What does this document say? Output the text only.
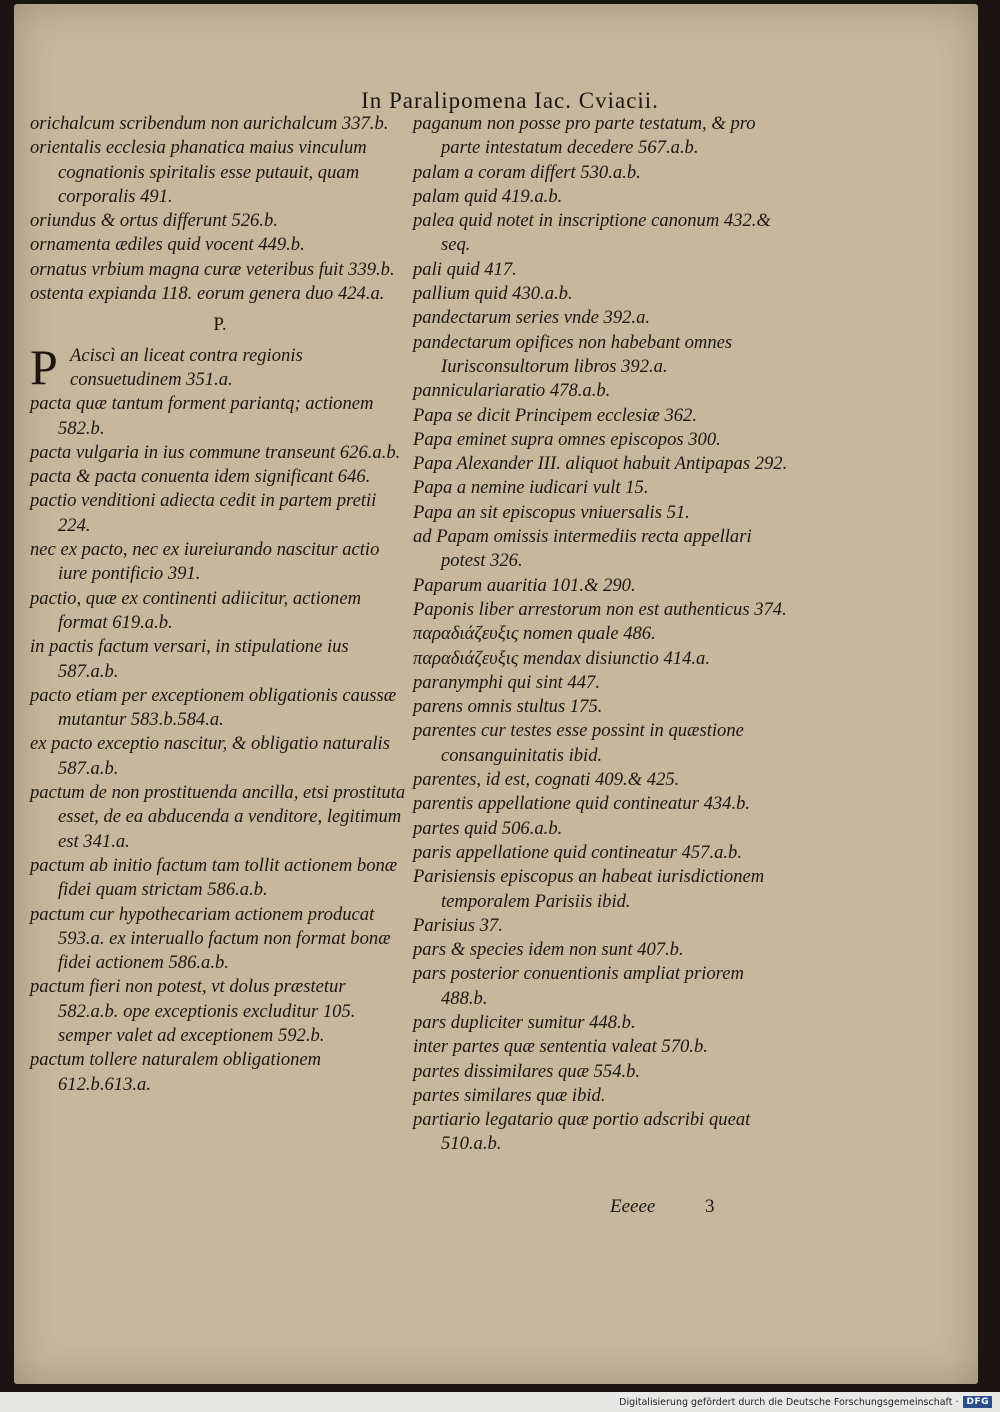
In Paralipomena Iac. Cviacii.

orichalcum scribendum non aurichalcum 337.b.

orientalis ecclesia phanatica maius vinculum cognationis spiritalis esse putauit, quam corporalis 491.

oriundus & ortus differunt 526.b.

ornamenta ædiles quid vocent 449.b.

ornatus vrbium magna curæ veteribus fuit 339.b.

ostenta expianda 118. eorum genera duo 424.a.

P.
P Aciscì an liceat contra regionis consuetudinem 351.a.

pacta quæ tantum forment pariantq; actionem 582.b.

pacta vulgaria in ius commune transeunt 626.a.b.

pacta & pacta conuenta idem significant 646.

pactio venditioni adiecta cedit in partem pretii 224.

nec ex pacto, nec ex iureiurando nascitur actio iure pontificio 391.

pactio, quæ ex continenti adiicitur, actionem format 619.a.b.

in pactis factum versari, in stipulatione ius 587.a.b.

pacto etiam per exceptionem obligationis caussæ mutantur 583.b.584.a.

ex pacto exceptio nascitur, & obligatio naturalis 587.a.b.

pactum de non prostituenda ancilla, etsi prostituta esset, de ea abducenda a venditore, legitimum est 341.a.

pactum ab initio factum tam tollit actionem bonæ fidei quam strictam 586.a.b.

pactum cur hypothecariam actionem producat 593.a. ex interuallo factum non format bonæ fidei actionem 586.a.b.

pactum fieri non potest, vt dolus præstetur 582.a.b. ope exceptionis excluditur 105. semper valet ad exceptionem 592.b.

pactum tollere naturalem obligationem 612.b.613.a.

paganum non posse pro parte testatum, & pro parte intestatum decedere 567.a.b.

palam a coram differt 530.a.b.

palam quid 419.a.b.

palea quid notet in inscriptione canonum 432.& seq.

pali quid 417.

pallium quid 430.a.b.

pandectarum series vnde 392.a.

pandectarum opifices non habebant omnes Iurisconsultorum libros 392.a.

panniculariaratio 478.a.b.

Papa se dicit Principem ecclesiæ 362.

Papa eminet supra omnes episcopos 300.

Papa Alexander III. aliquot habuit Antipapas 292.

Papa a nemine iudicari vult 15.

Papa an sit episcopus vniuersalis 51.

ad Papam omissis intermediis recta appellari potest 326.

Paparum auaritia 101.& 290.

Paponis liber arrestorum non est authenticus 374.

παραδιάζευξις nomen quale 486.

παραδιάζευξις mendax disiunctio 414.a.

paranymphi qui sint 447.

parens omnis stultus 175.

parentes cur testes esse possint in quæstione consanguinitatis ibid.

parentes, id est, cognati 409.& 425.

parentis appellatione quid contineatur 434.b.

partes quid 506.a.b.

paris appellatione quid contineatur 457.a.b.

Parisiensis episcopus an habeat iurisdictionem temporalem Parisiis ibid.

Parisius 37.

pars & species idem non sunt 407.b.

pars posterior conuentionis ampliat priorem 488.b.

pars dupliciter sumitur 448.b.

inter partes quæ sententia valeat 570.b.

partes dissimilares quæ 554.b.

partes similares quæ ibid.

partiario legatario quæ portio adscribi queat 510.a.b.

Eeeee	3
Digitalisierung gefördert durch die Deutsche Forschungsgemeinschaft · DFG
